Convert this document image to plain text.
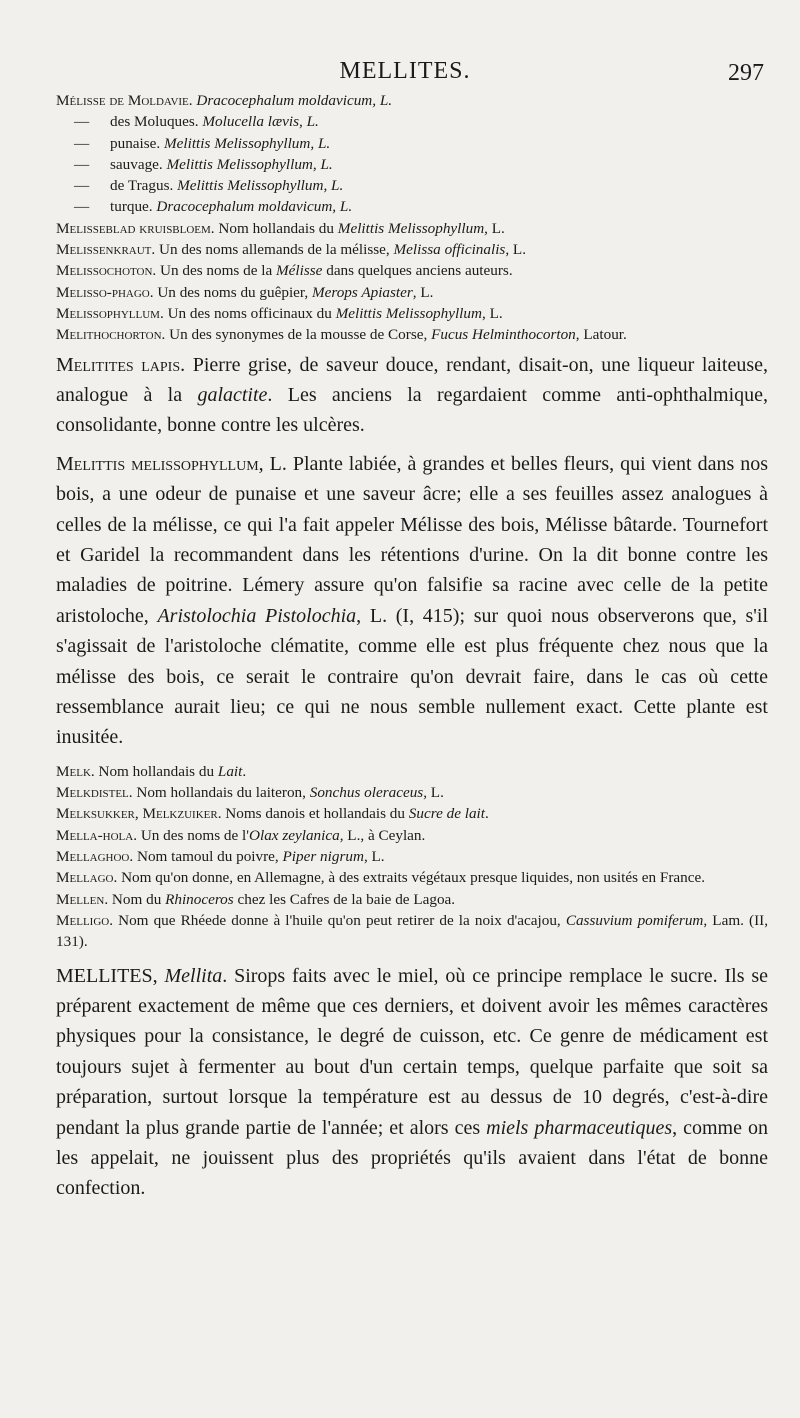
MELLITES.	297

Mélisse de Moldavie. Dracocephalum moldavicum, L.

— des Moluques. Molucella lævis, L.

— punaise. Melittis Melissophyllum, L.

— sauvage. Melittis Melissophyllum, L.

— de Tragus. Melittis Melissophyllum, L.

— turque. Dracocephalum moldavicum, L.

Melisseblad kruisbloem. Nom hollandais du Melittis Melissophyllum, L.

Melissenkraut. Un des noms allemands de la mélisse, Melissa officinalis, L.

Melissochoton. Un des noms de la Mélisse dans quelques anciens auteurs.

Melisso-phago. Un des noms du guêpier, Merops Apiaster, L.

Melissophyllum. Un des noms officinaux du Melittis Melissophyllum, L.

Melithochorton. Un des synonymes de la mousse de Corse, Fucus Helminthocorton, Latour.

Melitites lapis. Pierre grise, de saveur douce, rendant, disait-on, une liqueur laiteuse, analogue à la galactite. Les anciens la regardaient comme anti-ophthalmique, consolidante, bonne contre les ulcères.

Melittis melissophyllum, L. Plante labiée, à grandes et belles fleurs, qui vient dans nos bois, a une odeur de punaise et une saveur âcre; elle a ses feuilles assez analogues à celles de la mélisse, ce qui l'a fait appeler Mélisse des bois, Mélisse bâtarde. Tournefort et Garidel la recommandent dans les rétentions d'urine. On la dit bonne contre les maladies de poitrine. Lémery assure qu'on falsifie sa racine avec celle de la petite aristoloche, Aristolochia Pistolochia, L. (I, 415); sur quoi nous observerons que, s'il s'agissait de l'aristoloche clématite, comme elle est plus fréquente chez nous que la mélisse des bois, ce serait le contraire qu'on devrait faire, dans le cas où cette ressemblance aurait lieu; ce qui ne nous semble nullement exact. Cette plante est inusitée.

Melk. Nom hollandais du Lait.

Melkdistel. Nom hollandais du laiteron, Sonchus oleraceus, L.

Melksukker, Melkzuiker. Noms danois et hollandais du Sucre de lait.

Mella-hola. Un des noms de l'Olax zeylanica, L., à Ceylan.

Mellaghoo. Nom tamoul du poivre, Piper nigrum, L.

Mellago. Nom qu'on donne, en Allemagne, à des extraits végétaux presque liquides, non usités en France.

Mellen. Nom du Rhinoceros chez les Cafres de la baie de Lagoa.

Melligo. Nom que Rhéede donne à l'huile qu'on peut retirer de la noix d'acajou, Cassuvium pomiferum, Lam. (II, 131).

MELLITES, Mellita. Sirops faits avec le miel, où ce principe remplace le sucre. Ils se préparent exactement de même que ces derniers, et doivent avoir les mêmes caractères physiques pour la consistance, le degré de cuisson, etc. Ce genre de médicament est toujours sujet à fermenter au bout d'un certain temps, quelque parfaite que soit sa préparation, surtout lorsque la température est au dessus de 10 degrés, c'est-à-dire pendant la plus grande partie de l'année; et alors ces miels pharmaceutiques, comme on les appelait, ne jouissent plus des propriétés qu'ils avaient dans l'état de bonne confection.
